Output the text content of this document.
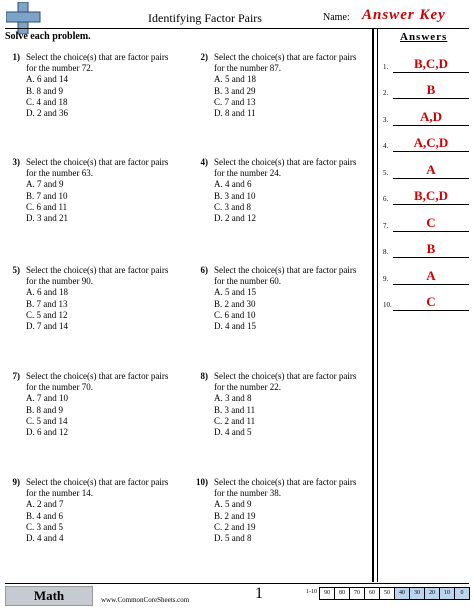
Identifying Factor Pairs	Name: Answer Key
Solve each problem.	Answers
1) Select the choice(s) that are factor pairs for the number 72.
A. 6 and 14
B. 8 and 9
C. 4 and 18
D. 2 and 36
2) Select the choice(s) that are factor pairs for the number 87.
A. 5 and 18
B. 3 and 29
C. 7 and 13
D. 8 and 11
3) Select the choice(s) that are factor pairs for the number 63.
A. 7 and 9
B. 7 and 10
C. 6 and 11
D. 3 and 21
4) Select the choice(s) that are factor pairs for the number 24.
A. 4 and 6
B. 3 and 10
C. 3 and 8
D. 2 and 12
5) Select the choice(s) that are factor pairs for the number 90.
A. 6 and 18
B. 7 and 13
C. 5 and 12
D. 7 and 14
6) Select the choice(s) that are factor pairs for the number 60.
A. 5 and 15
B. 2 and 30
C. 6 and 10
D. 4 and 15
7) Select the choice(s) that are factor pairs for the number 70.
A. 7 and 10
B. 8 and 9
C. 5 and 14
D. 6 and 12
8) Select the choice(s) that are factor pairs for the number 22.
A. 3 and 8
B. 3 and 11
C. 2 and 11
D. 4 and 5
9) Select the choice(s) that are factor pairs for the number 14.
A. 2 and 7
B. 4 and 6
C. 3 and 5
D. 4 and 4
10) Select the choice(s) that are factor pairs for the number 38.
A. 5 and 9
B. 2 and 19
C. 2 and 19
D. 5 and 8
1.	B,C,D
2.	B
3.	A,D
4.	A,C,D
5.	A
6.	B,C,D
7.	C
8.	B
9.	A
10.	C
Math	www.CommonCoreSheets.com	1	1-10	90	80	70	60	50	40	30	20	10	0
